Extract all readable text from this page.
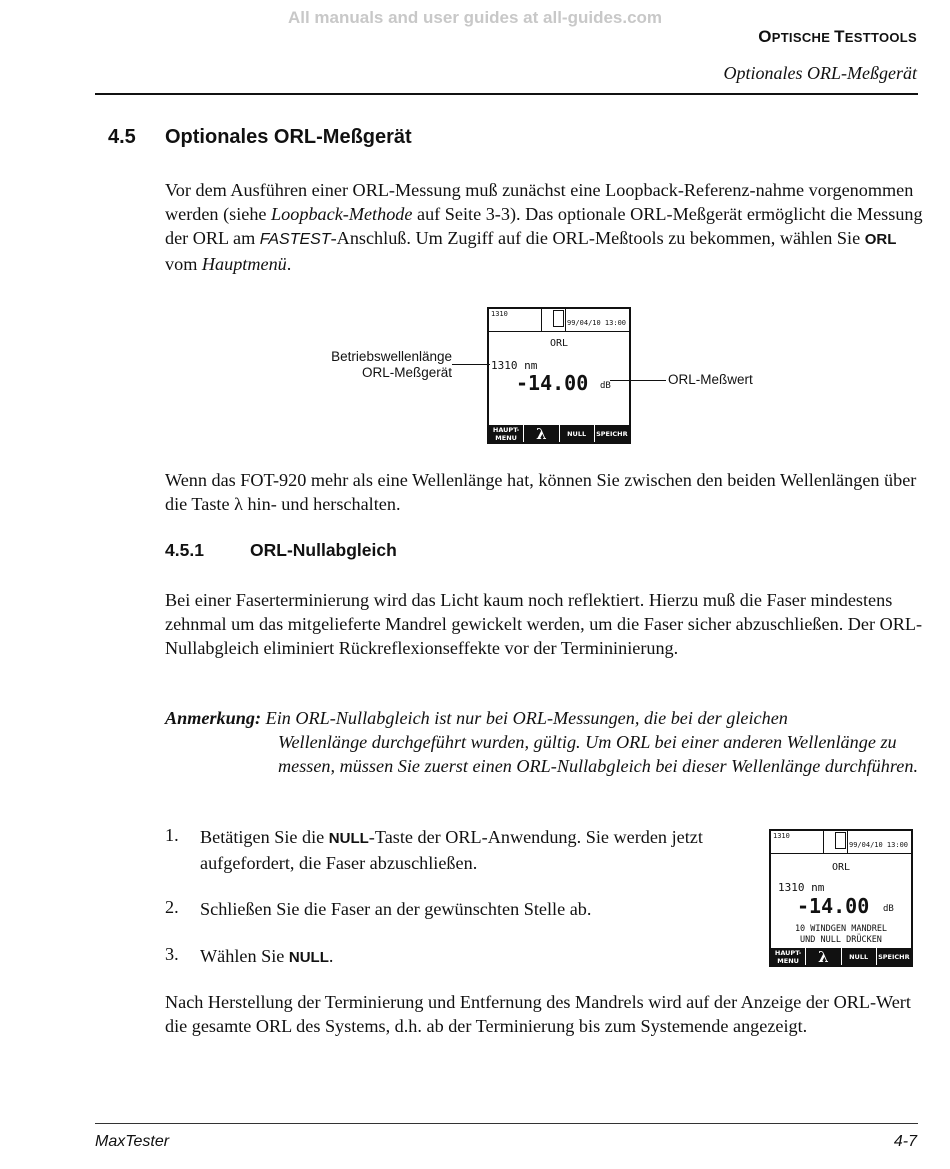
All manuals and user guides at all-guides.com
OPTISCHE TESTTOOLS
Optionales ORL-Meßgerät
4.5 Optionales ORL-Meßgerät
Vor dem Ausführen einer ORL-Messung muß zunächst eine Loopback-Referenz-nahme vorgenommen werden (siehe Loopback-Methode auf Seite 3-3). Das optionale ORL-Meßgerät ermöglicht die Messung der ORL am FASTEST-Anschluß. Um Zugiff auf die ORL-Meßtools zu bekommen, wählen Sie ORL vom Hauptmenü.
1310
99/04/10 13:00
ORL
1310 nm
-14.00 dB
HAUPT-
MENU	λ	NULL	SPEICHR
Betriebswellenlänge
ORL-Meßgerät	ORL-Meßwert
Wenn das FOT-920 mehr als eine Wellenlänge hat, können Sie zwischen den beiden Wellenlängen über die Taste λ hin- und herschalten.
4.5.1	ORL-Nullabgleich
Bei einer Faserterminierung wird das Licht kaum noch reflektiert. Hierzu muß die Faser mindestens zehnmal um das mitgelieferte Mandrel gewickelt werden, um die Faser sicher abzuschließen. Der ORL-Nullabgleich eliminiert Rückreflexionseffekte vor der Termininierung.
Anmerkung: Ein ORL-Nullabgleich ist nur bei ORL-Messungen, die bei der gleichen
Wellenlänge durchgeführt wurden, gültig. Um ORL bei einer anderen Wellenlänge zu messen, müssen Sie zuerst einen ORL-Nullabgleich bei dieser Wellenlänge durchführen.
1. Betätigen Sie die NULL-Taste der ORL-Anwendung. Sie werden jetzt aufgefordert, die Faser abzuschließen.
2. Schließen Sie die Faser an der gewünschten Stelle ab.
3. Wählen Sie NULL.
1310
99/04/10 13:00
ORL
1310 nm
-14.00 dB
10 WINDGEN MANDREL
UND NULL DRÜCKEN
HAUPT-
MENU	λ	NULL	SPEICHR
Nach Herstellung der Terminierung und Entfernung des Mandrels wird auf der Anzeige der ORL-Wert die gesamte ORL des Systems, d.h. ab der Terminierung bis zum Systemende angezeigt.
MaxTester	4-7
